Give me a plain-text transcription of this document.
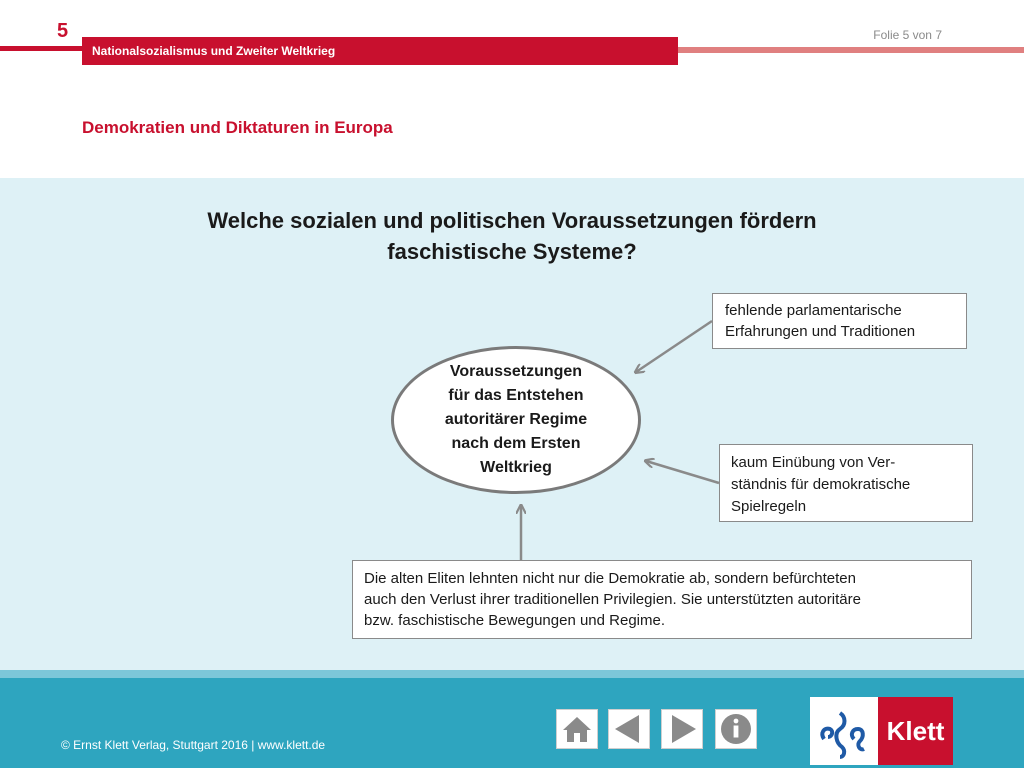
5	Folie 5 von 7
Nationalsozialismus und Zweiter Weltkrieg
Demokratien und Diktaturen in Europa
Welche sozialen und politischen Voraussetzungen fördern
faschistische Systeme?
Voraussetzungen
für das Entstehen
autoritärer Regime
nach dem Ersten
Weltkrieg
fehlende parlamentarische
Erfahrungen und Traditionen
kaum Einübung von Ver-
ständnis für demokratische
Spielregeln
Die alten Eliten lehnten nicht nur die Demokratie ab, sondern befürchteten
auch den Verlust ihrer traditionellen Privilegien. Sie unterstützten autoritäre
bzw. faschistische Bewegungen und Regime.
© Ernst Klett Verlag, Stuttgart 2016 | www.klett.de	Klett
